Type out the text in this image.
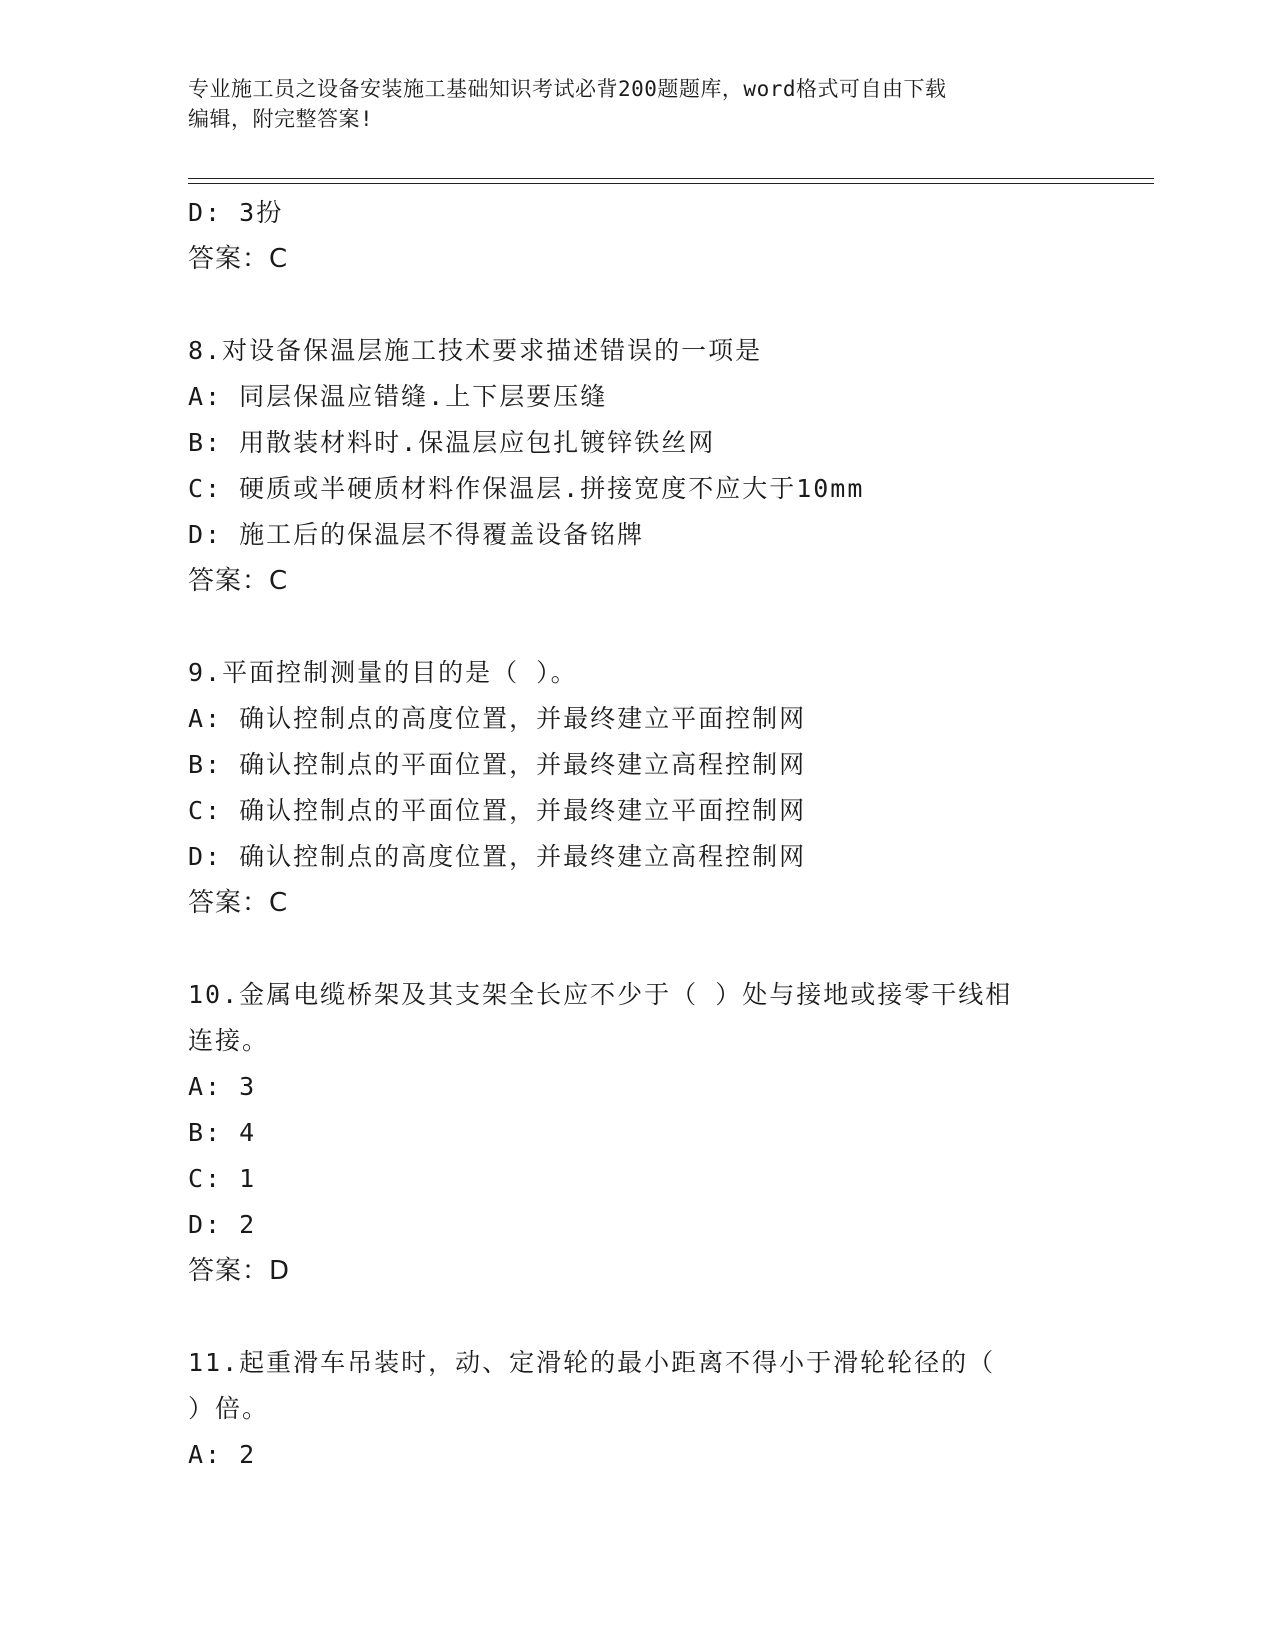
专业施工员之设备安装施工基础知识考试必背200题题库，word格式可自由下载
编辑，附完整答案!
D: 3扮
答案：C
8.对设备保温层施工技术要求描述错误的一项是
A: 同层保温应错缝.上下层要压缝
B: 用散装材料时.保温层应包扎镀锌铁丝网
C: 硬质或半硬质材料作保温层.拼接宽度不应大于10mm
D: 施工后的保温层不得覆盖设备铭牌
答案：C
9.平面控制测量的目的是（ ）。
A: 确认控制点的高度位置，并最终建立平面控制网
B: 确认控制点的平面位置，并最终建立高程控制网
C: 确认控制点的平面位置，并最终建立平面控制网
D: 确认控制点的高度位置，并最终建立高程控制网
答案：C
10.金属电缆桥架及其支架全长应不少于（ ）处与接地或接零干线相
连接。
A: 3
B: 4
C: 1
D: 2
答案：D
11.起重滑车吊装时，动、定滑轮的最小距离不得小于滑轮轮径的（
）倍。
A: 2
